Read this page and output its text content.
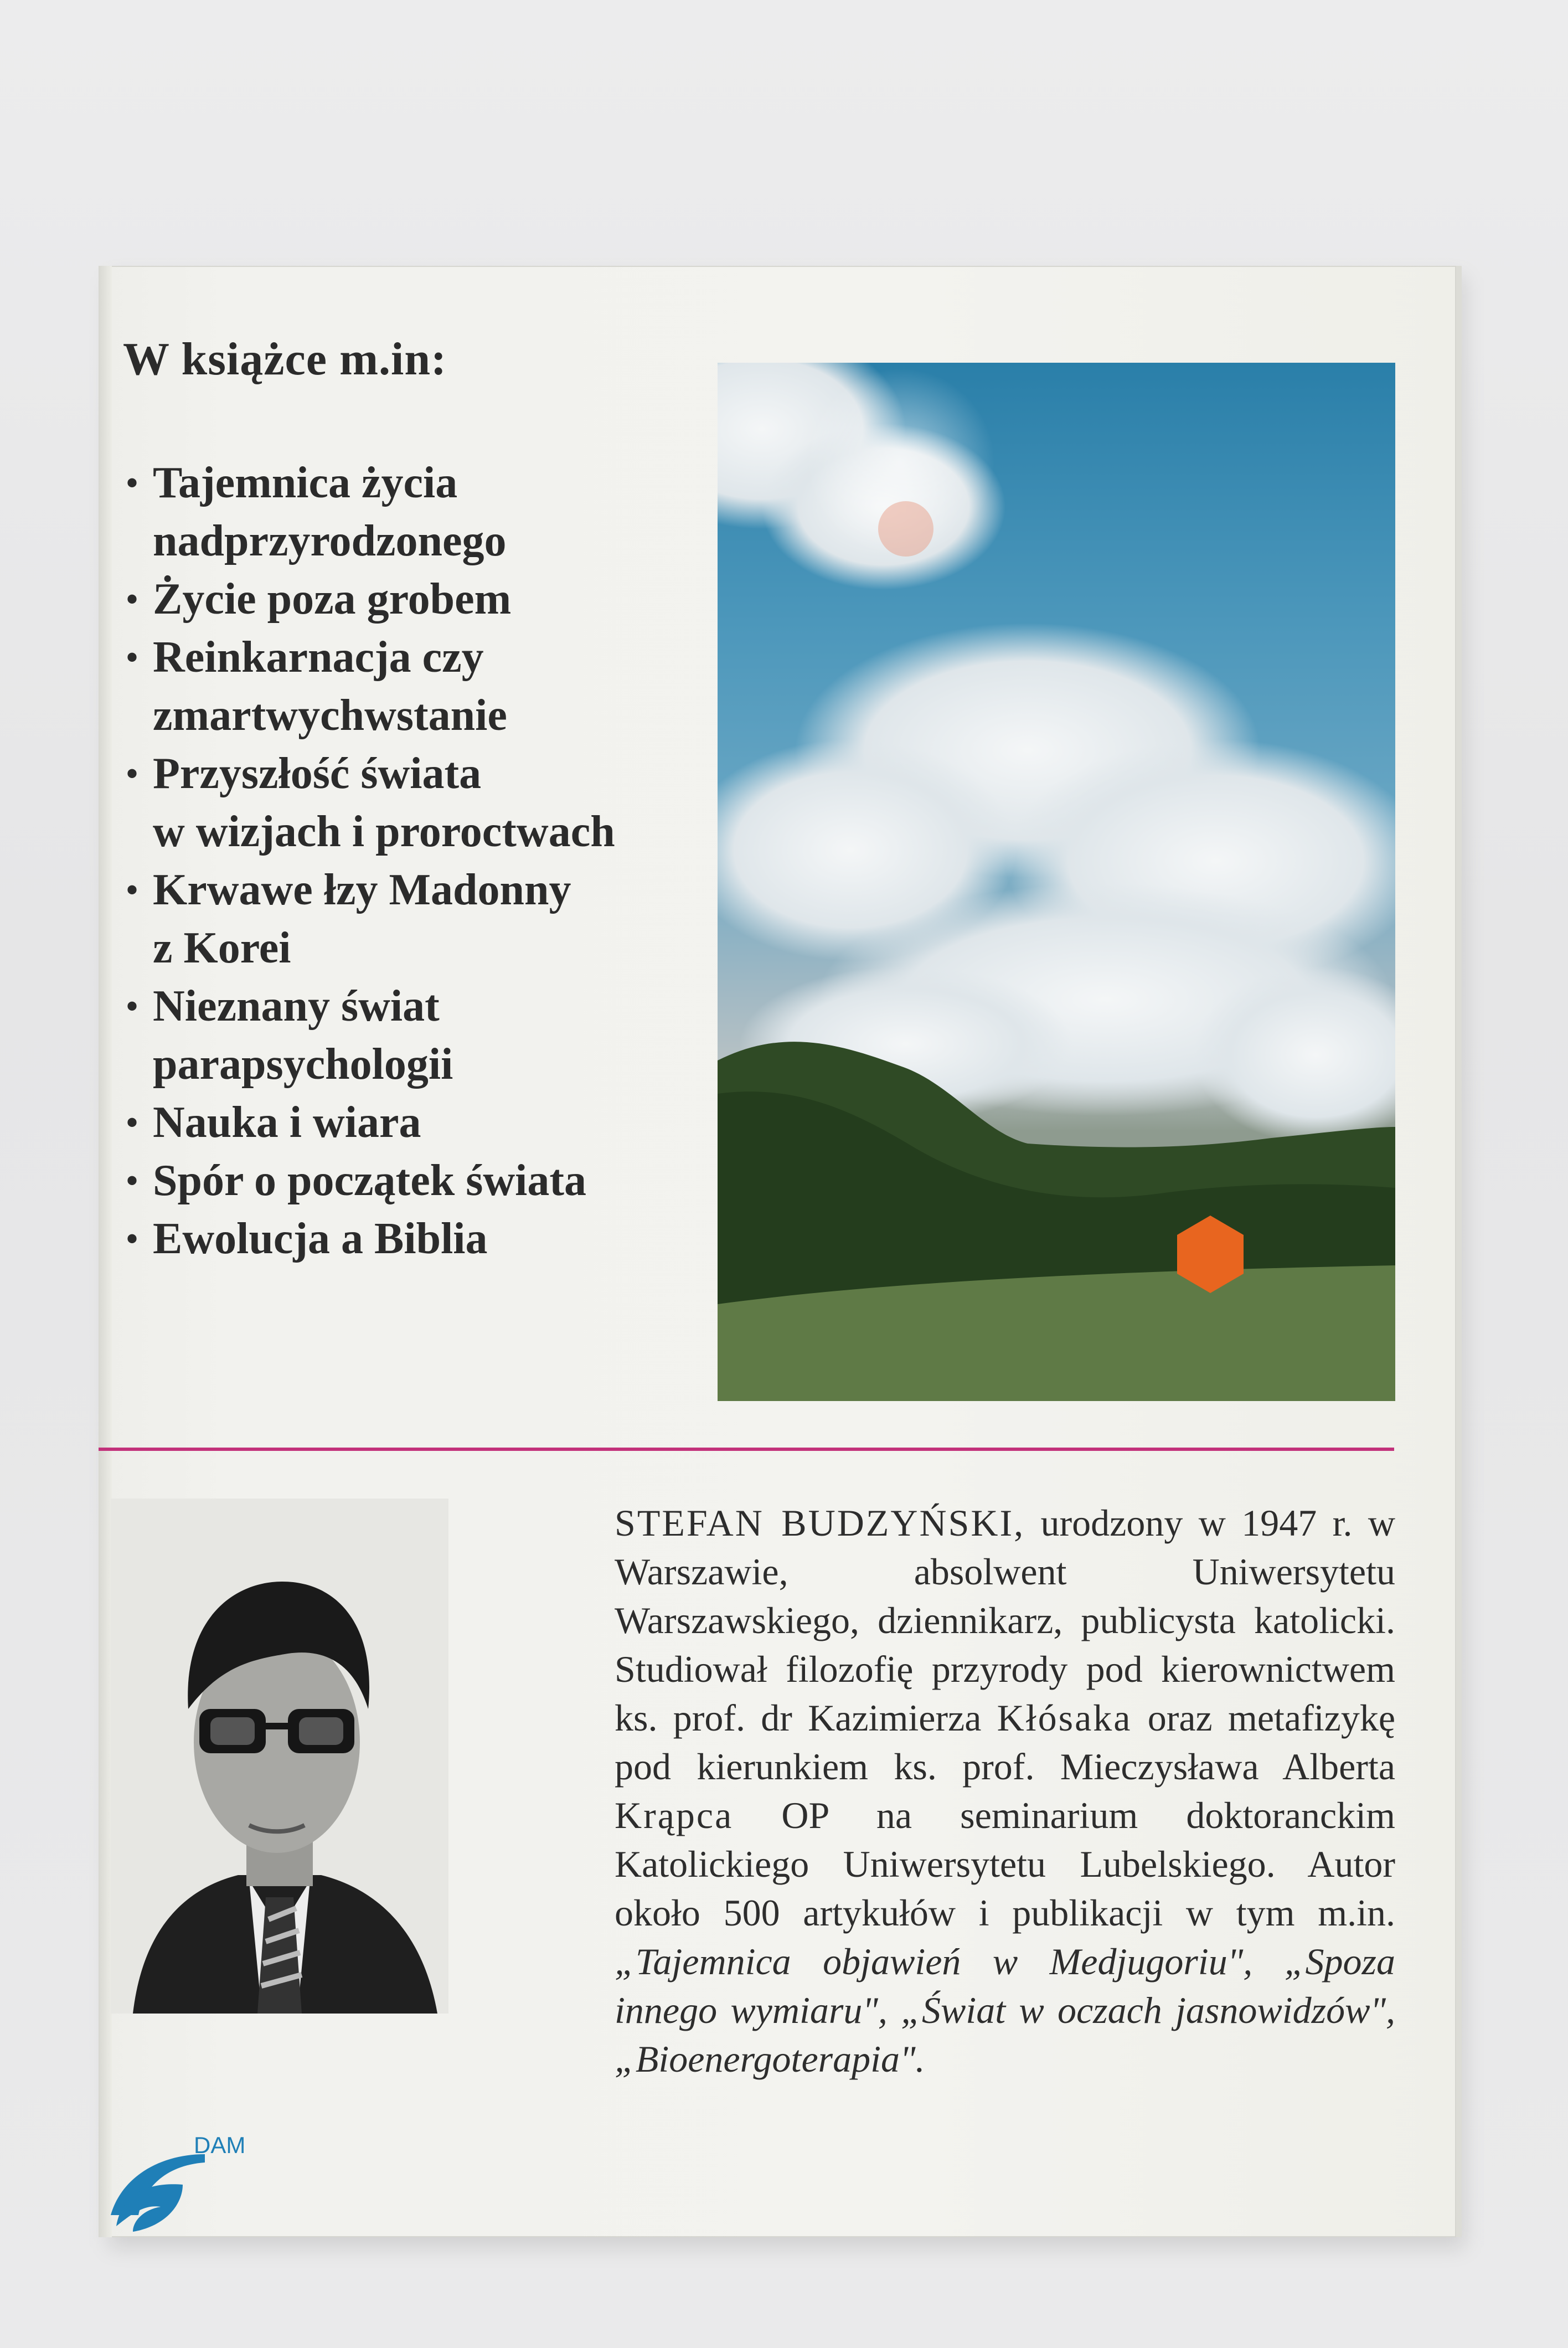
W książce m.in:
• Tajemnica życia
nadprzyrodzonego
• Życie poza grobem
• Reinkarnacja czy
zmartwychwstanie
• Przyszłość świata
w wizjach i proroctwach
• Krwawe łzy Madonny
z Korei
• Nieznany świat
parapsychologii
• Nauka i wiara
• Spór o początek świata
• Ewolucja a Biblia
STEFAN BUDZYŃSKI, urodzony w 1947 r. w Warszawie, absolwent Uniwersytetu Warszawskiego, dziennikarz, publicysta katolicki. Studiował filozofię przyrody pod kierownictwem ks. prof. dr Kazimierza Kłósaka oraz metafizykę pod kierunkiem ks. prof. Mieczysława Alberta Krąpca OP na seminarium doktoranckim Katolickiego Uniwersytetu Lubelskiego. Autor około 500 artykułów i publikacji w tym m.in. „Tajemnica objawień w Medjugoriu", „Spoza innego wymiaru", „Świat w oczach jasnowidzów", „Bioenergoterapia".
DAM
